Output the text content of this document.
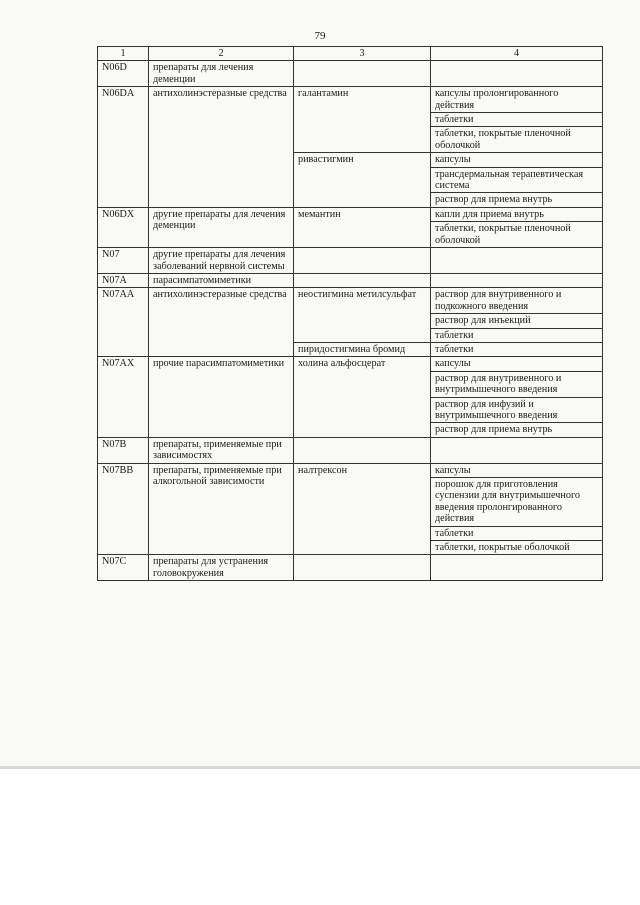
79
1	2	3	4
N06D	препараты для лечения деменции		
N06DA	антихолинэстеразные средства	галантамин	капсулы пролонгированного действия
			таблетки
			таблетки, покрытые пленочной оболочкой
		ривастигмин	капсулы
			трансдермальная терапевтическая система
			раствор для приема внутрь
N06DX	другие препараты для лечения деменции	мемантин	капли для приема внутрь
			таблетки, покрытые пленочной оболочкой
N07	другие препараты для лечения заболеваний нервной системы		
N07A	парасимпатомиметики		
N07AA	антихолинэстеразные средства	неостигмина метилсульфат	раствор для внутривенного и подкожного введения
			раствор для инъекций
			таблетки
		пиридостигмина бромид	таблетки
N07AX	прочие парасимпатомиметики	холина альфосцерат	капсулы
			раствор для внутривенного и внутримышечного введения
			раствор для инфузий и внутримышечного введения
			раствор для приема внутрь
N07B	препараты, применяемые при зависимостях		
N07BB	препараты, применяемые при алкогольной зависимости	налтрексон	капсулы
			порошок для приготовления суспензии для внутримышечного введения пролонгированного действия
			таблетки
			таблетки, покрытые оболочкой
N07C	препараты для устранения головокружения		
